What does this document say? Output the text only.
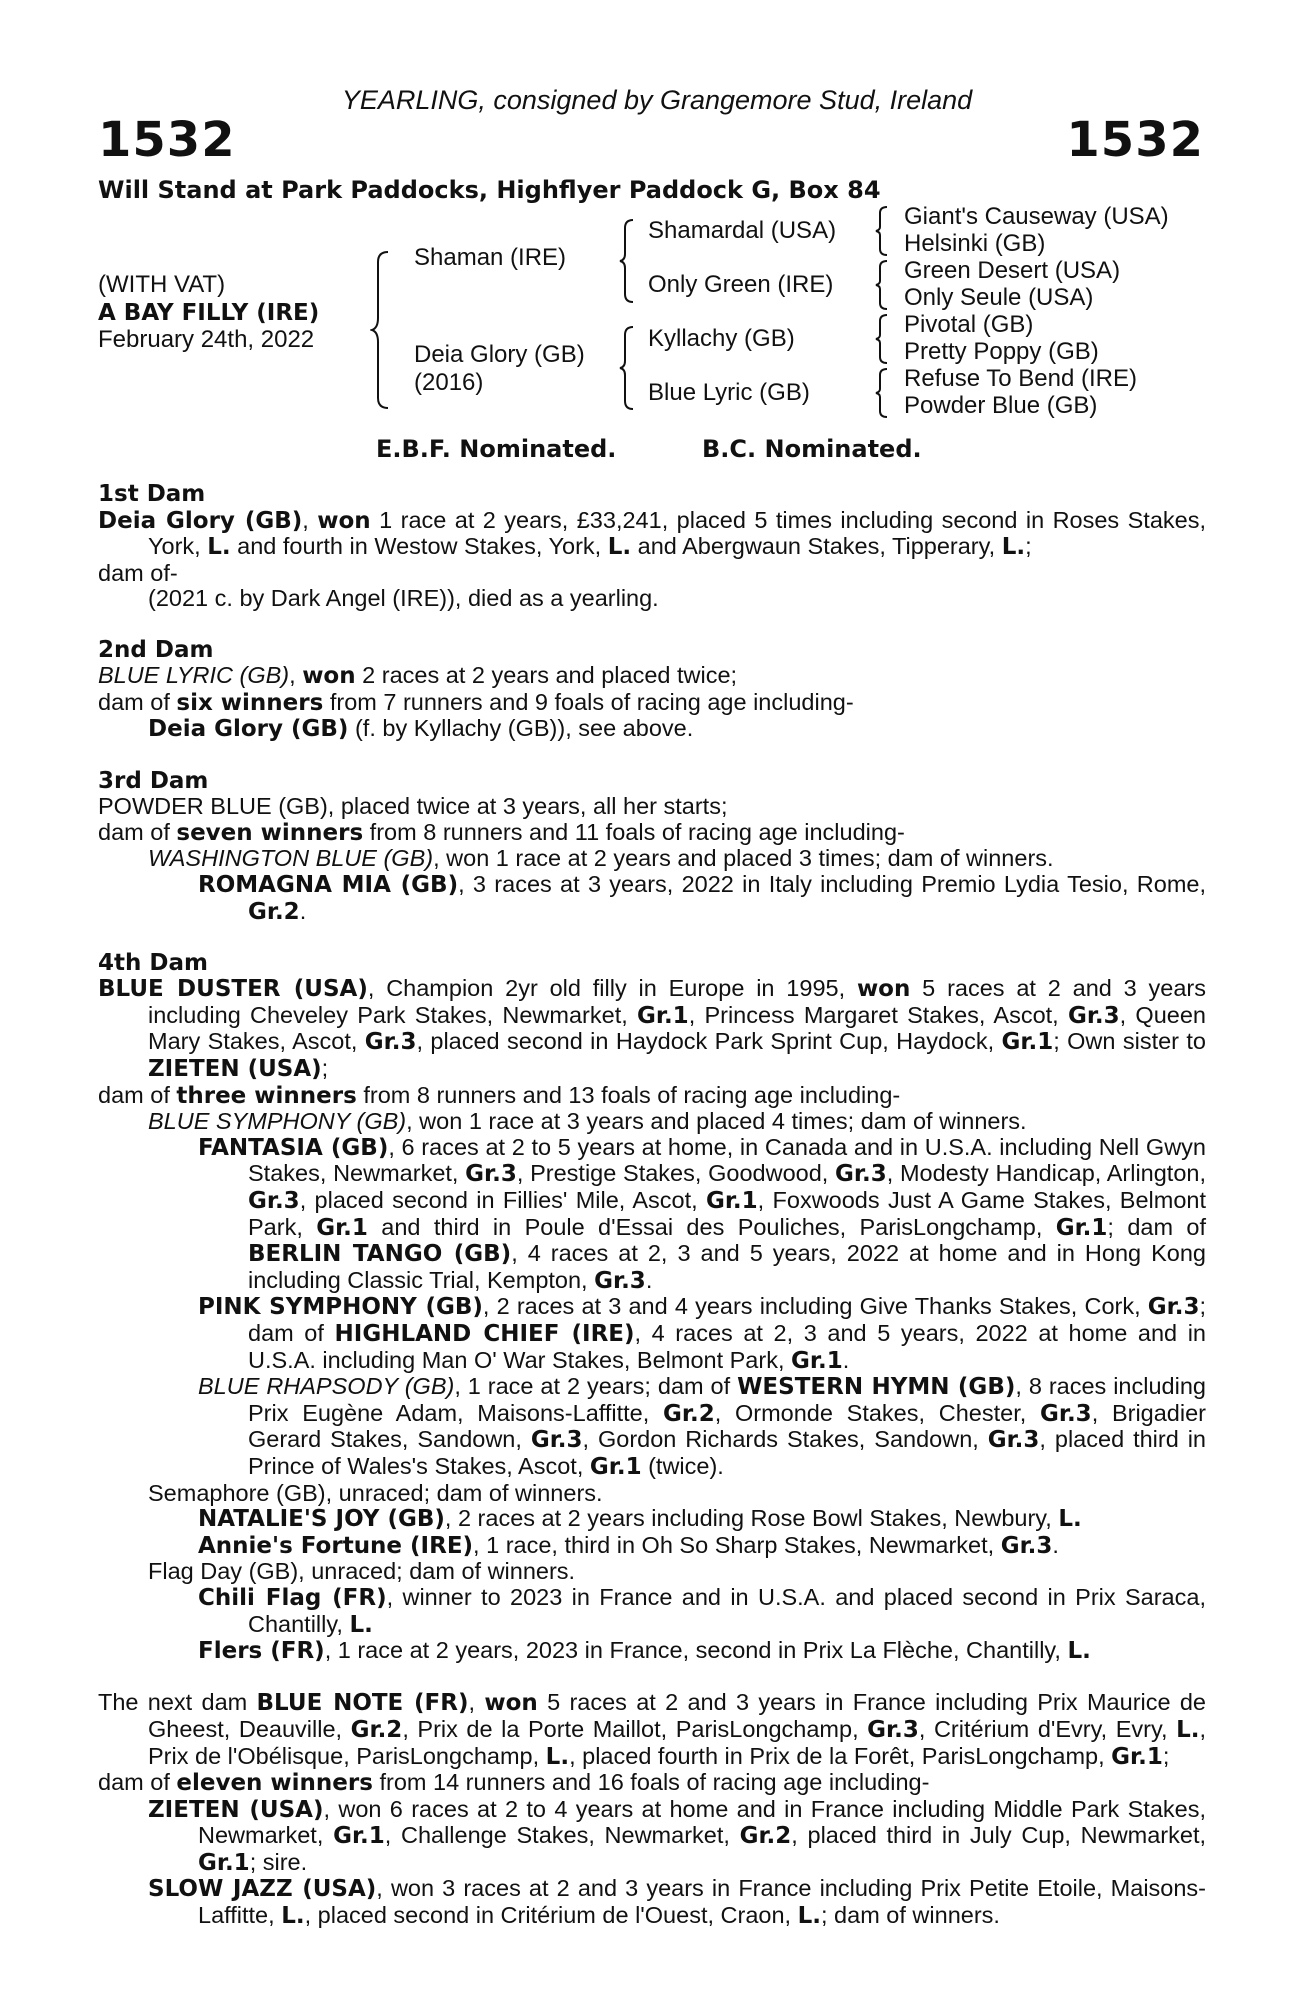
YEARLING, consigned by Grangemore Stud, Ireland
1532	1532
Will Stand at Park Paddocks, Highflyer Paddock G, Box 84
(WITH VAT)
A BAY FILLY (IRE)
February 24th, 2022
Shaman (IRE)
Deia Glory (GB)
(2016)
Shamardal (USA)
Only Green (IRE)
Kyllachy (GB)
Blue Lyric (GB)
Giant's Causeway (USA)
Helsinki (GB)
Green Desert (USA)
Only Seule (USA)
Pivotal (GB)
Pretty Poppy (GB)
Refuse To Bend (IRE)
Powder Blue (GB)
E.B.F. Nominated.	B.C. Nominated.
1st Dam

Deia Glory (GB), won 1 race at 2 years, £33,241, placed 5 times including second in Roses Stakes, York, L. and fourth in Westow Stakes, York, L. and Abergwaun Stakes, Tipperary, L.;

dam of-

(2021 c. by Dark Angel (IRE)), died as a yearling.

2nd Dam

BLUE LYRIC (GB), won 2 races at 2 years and placed twice;

dam of six winners from 7 runners and 9 foals of racing age including-

Deia Glory (GB) (f. by Kyllachy (GB)), see above.

3rd Dam

POWDER BLUE (GB), placed twice at 3 years, all her starts;

dam of seven winners from 8 runners and 11 foals of racing age including-

WASHINGTON BLUE (GB), won 1 race at 2 years and placed 3 times; dam of winners.

ROMAGNA MIA (GB), 3 races at 3 years, 2022 in Italy including Premio Lydia Tesio, Rome, Gr.2.

4th Dam

BLUE DUSTER (USA), Champion 2yr old filly in Europe in 1995, won 5 races at 2 and 3 years including Cheveley Park Stakes, Newmarket, Gr.1, Princess Margaret Stakes, Ascot, Gr.3, Queen Mary Stakes, Ascot, Gr.3, placed second in Haydock Park Sprint Cup, Haydock, Gr.1; Own sister to ZIETEN (USA);

dam of three winners from 8 runners and 13 foals of racing age including-

BLUE SYMPHONY (GB), won 1 race at 3 years and placed 4 times; dam of winners.

FANTASIA (GB), 6 races at 2 to 5 years at home, in Canada and in U.S.A. including Nell Gwyn Stakes, Newmarket, Gr.3, Prestige Stakes, Goodwood, Gr.3, Modesty Handicap, Arlington, Gr.3, placed second in Fillies' Mile, Ascot, Gr.1, Foxwoods Just A Game Stakes, Belmont Park, Gr.1 and third in Poule d'Essai des Pouliches, ParisLongchamp, Gr.1; dam of BERLIN TANGO (GB), 4 races at 2, 3 and 5 years, 2022 at home and in Hong Kong including Classic Trial, Kempton, Gr.3.

PINK SYMPHONY (GB), 2 races at 3 and 4 years including Give Thanks Stakes, Cork, Gr.3; dam of HIGHLAND CHIEF (IRE), 4 races at 2, 3 and 5 years, 2022 at home and in U.S.A. including Man O' War Stakes, Belmont Park, Gr.1.

BLUE RHAPSODY (GB), 1 race at 2 years; dam of WESTERN HYMN (GB), 8 races including Prix Eugène Adam, Maisons-Laffitte, Gr.2, Ormonde Stakes, Chester, Gr.3, Brigadier Gerard Stakes, Sandown, Gr.3, Gordon Richards Stakes, Sandown, Gr.3, placed third in Prince of Wales's Stakes, Ascot, Gr.1 (twice).

Semaphore (GB), unraced; dam of winners.

NATALIE'S JOY (GB), 2 races at 2 years including Rose Bowl Stakes, Newbury, L.

Annie's Fortune (IRE), 1 race, third in Oh So Sharp Stakes, Newmarket, Gr.3.

Flag Day (GB), unraced; dam of winners.

Chili Flag (FR), winner to 2023 in France and in U.S.A. and placed second in Prix Saraca, Chantilly, L.

Flers (FR), 1 race at 2 years, 2023 in France, second in Prix La Flèche, Chantilly, L.

The next dam BLUE NOTE (FR), won 5 races at 2 and 3 years in France including Prix Maurice de Gheest, Deauville, Gr.2, Prix de la Porte Maillot, ParisLongchamp, Gr.3, Critérium d'Evry, Evry, L., Prix de l'Obélisque, ParisLongchamp, L., placed fourth in Prix de la Forêt, ParisLongchamp, Gr.1;

dam of eleven winners from 14 runners and 16 foals of racing age including-

ZIETEN (USA), won 6 races at 2 to 4 years at home and in France including Middle Park Stakes, Newmarket, Gr.1, Challenge Stakes, Newmarket, Gr.2, placed third in July Cup, Newmarket, Gr.1; sire.

SLOW JAZZ (USA), won 3 races at 2 and 3 years in France including Prix Petite Etoile, Maisons-Laffitte, L., placed second in Critérium de l'Ouest, Craon, L.; dam of winners.
